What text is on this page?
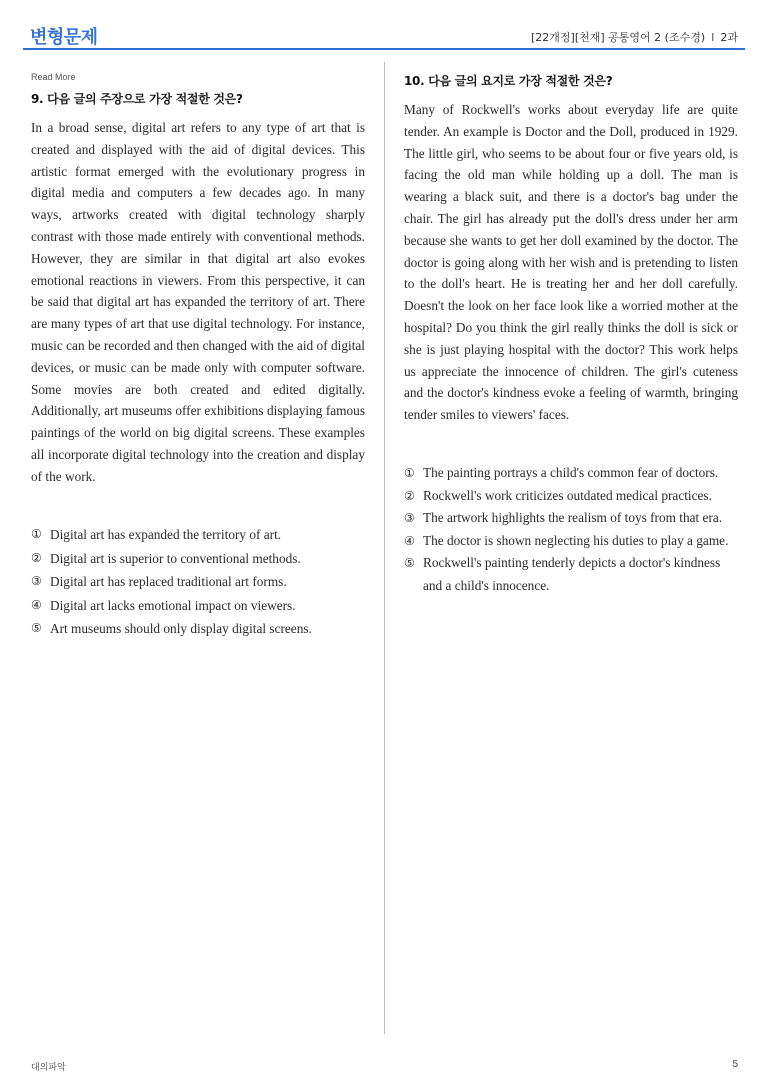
변형문제	[22개정][천재] 공통영어 2 (조수경) I 2과
Read More
9. 다음 글의 주장으로 가장 적절한 것은?

In a broad sense, digital art refers to any type of art that is created and displayed with the aid of digital devices. This artistic format emerged with the evolutionary progress in digital media and computers a few decades ago. In many ways, artworks created with digital technology sharply contrast with those made entirely with conventional methods. However, they are similar in that digital art also evokes emotional reactions in viewers. From this perspective, it can be said that digital art has expanded the territory of art. There are many types of art that use digital technology. For instance, music can be recorded and then changed with the aid of digital devices, or music can be made only with computer software. Some movies are both created and edited digitally. Additionally, art museums offer exhibitions displaying famous paintings of the world on big digital screens. These examples all incorporate digital technology into the creation and display of the work.

① Digital art has expanded the territory of art.
② Digital art is superior to conventional methods.
③ Digital art has replaced traditional art forms.
④ Digital art lacks emotional impact on viewers.
⑤ Art museums should only display digital screens.
10. 다음 글의 요지로 가장 적절한 것은?

Many of Rockwell's works about everyday life are quite tender. An example is Doctor and the Doll, produced in 1929. The little girl, who seems to be about four or five years old, is facing the old man while holding up a doll. The man is wearing a black suit, and there is a doctor's bag under the chair. The girl has already put the doll's dress under her arm because she wants to get her doll examined by the doctor. The doctor is going along with her wish and is pretending to listen to the doll's heart. He is treating her and her doll carefully. Doesn't the look on her face look like a worried mother at the hospital? Do you think the girl really thinks the doll is sick or she is just playing hospital with the doctor? This work helps us appreciate the innocence of children. The girl's cuteness and the doctor's kindness evoke a feeling of warmth, bringing tender smiles to viewers' faces.

① The painting portrays a child's common fear of doctors.
② Rockwell's work criticizes outdated medical practices.
③ The artwork highlights the realism of toys from that era.
④ The doctor is shown neglecting his duties to play a game.
⑤ Rockwell's painting tenderly depicts a doctor's kindness and a child's innocence.
대의파악	5
